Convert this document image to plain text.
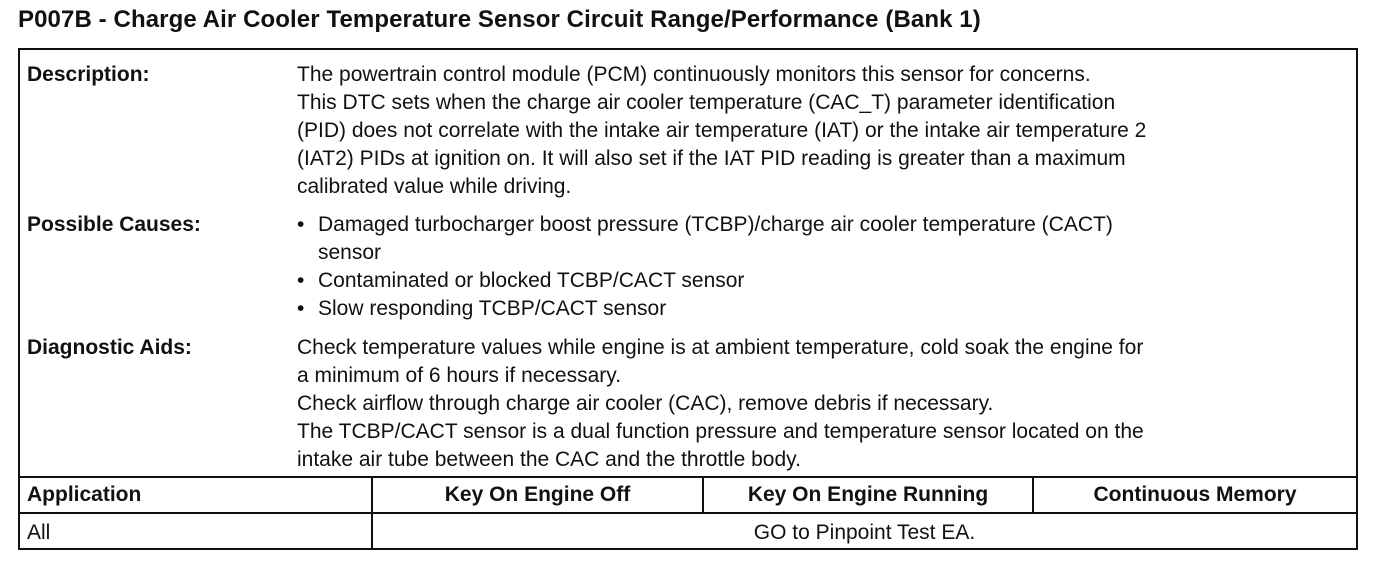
P007B - Charge Air Cooler Temperature Sensor Circuit Range/Performance (Bank 1)
Description:	The powertrain control module (PCM) continuously monitors this sensor for concerns.
This DTC sets when the charge air cooler temperature (CAC_T) parameter identification
(PID) does not correlate with the intake air temperature (IAT) or the intake air temperature 2
(IAT2) PIDs at ignition on. It will also set if the IAT PID reading is greater than a maximum
calibrated value while driving.
Possible Causes:	• Damaged turbocharger boost pressure (TCBP)/charge air cooler temperature (CACT)
sensor
• Contaminated or blocked TCBP/CACT sensor
• Slow responding TCBP/CACT sensor
Diagnostic Aids:	Check temperature values while engine is at ambient temperature, cold soak the engine for
a minimum of 6 hours if necessary.
Check airflow through charge air cooler (CAC), remove debris if necessary.
The TCBP/CACT sensor is a dual function pressure and temperature sensor located on the
intake air tube between the CAC and the throttle body.
Application	Key On Engine Off	Key On Engine Running	Continuous Memory
All	GO to Pinpoint Test EA.
